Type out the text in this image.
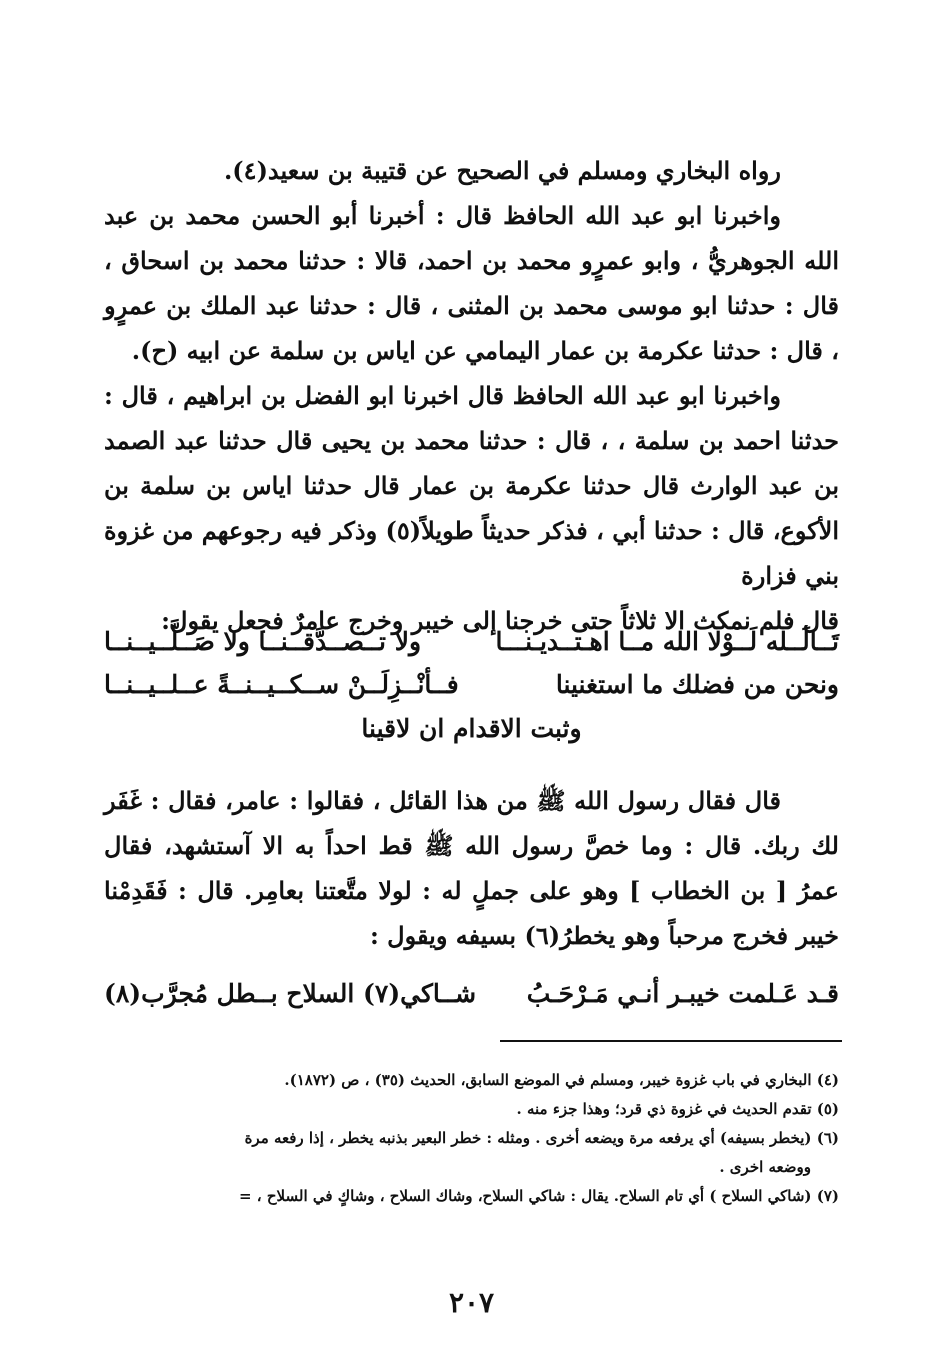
رواه البخاري ومسلم في الصحيح عن قتيبة بن سعيد(٤).

واخبرنا ابو عبد الله الحافظ قال : أخبرنا أبو الحسن محمد بن عبد الله الجوهريُّ ، وابو عمرٍو محمد بن احمد، قالا : حدثنا محمد بن اسحاق ، قال : حدثنا ابو موسى محمد بن المثنى ، قال : حدثنا عبد الملك بن عمرٍو ، قال : حدثنا عكرمة بن عمار اليمامي عن اياس بن سلمة عن ابيه (ح).

واخبرنا ابو عبد الله الحافظ قال اخبرنا ابو الفضل بن ابراهيم ، قال : حدثنا احمد بن سلمة ، ، قال : حدثنا محمد بن يحيى قال حدثنا عبد الصمد بن عبد الوارث قال حدثنا عكرمة بن عمار قال حدثنا اياس بن سلمة بن الأكوع، قال : حدثنا أبي ، فذكر حديثاً طويلاً(٥) وذكر فيه رجوعهم من غزوة بني فزارة

قال فلم نمكث الا ثلاثاً حتى خرجنا إلى خيبر وخرج عامرٌ فجعل يقول:

تَــالَــله لَــوْلا الله مــا اهـتــديـنـــا
ولا تــصــدَّقــنــا ولا صَــلَّــيــنــا
ونحن من فضلك ما استغنينا
فــأنْــزِلَــنْ ســكــيــنــةً عــلــيــنــا
وثبت الاقدام ان لاقينا

قال فقال رسول الله ﷺ من هذا القائل ، فقالوا : عامر، فقال : غَفَر لك ربك. قال : وما خصَّ رسول الله ﷺ قط احداً به الا آستشهد، فقال عمرُ [ بن الخطاب ] وهو على جملٍ له : لولا متَّعتنا بعامِر. قال : فَقَدِمْنا خيبر فخرج مرحباً وهو يخطرُ(٦) بسيفه ويقول :

قـد عَـلمت خيبـر أنـي مَـرْحَـبُ
شــاكي(٧) السلاح بــطل مُجرَّب(٨)

(٤) البخاري في باب غزوة خيبر، ومسلم في الموضع السابق، الحديث (٣٥) ، ص (١٨٧٢).

(٥) تقدم الحديث في غزوة ذي قرد؛ وهذا جزء منه .

(٦) (يخطر بسيفه) أي يرفعه مرة ويضعه أخرى . ومثله : خطر البعير بذنبه يخطر ، إذا رفعه مرة

ووضعه اخرى .

(٧) (شاكي السلاح ) أي تام السلاح. يقال : شاكي السلاح، وشاك السلاح ، وشاكٍ في السلاح ، =

٢٠٧
